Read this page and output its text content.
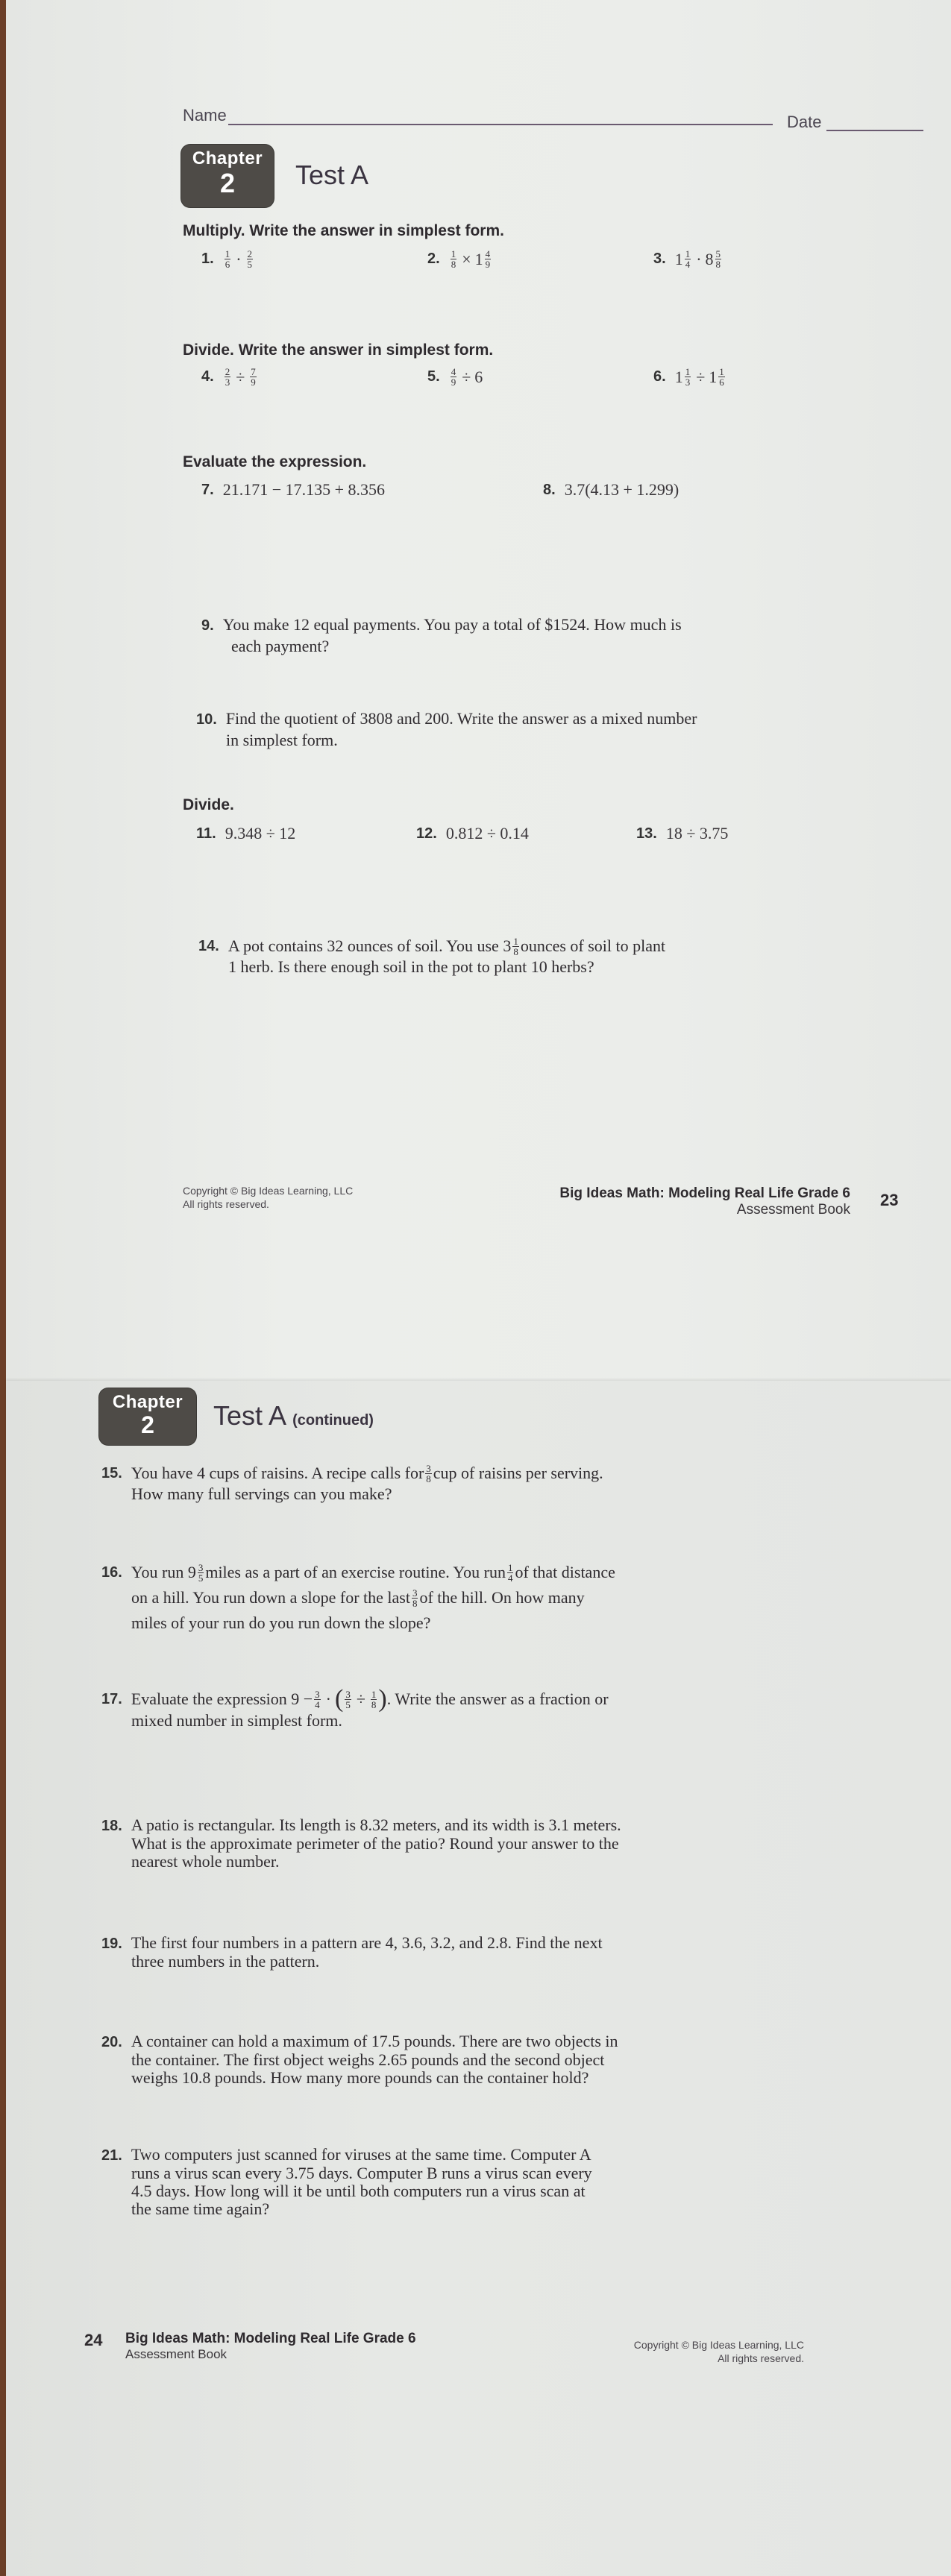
Name	Date
Chapter
2	Test A
Multiply. Write the answer in simplest form.
1. $\frac{1}{6} \cdot \frac{2}{5}$	2. $\frac{1}{8} \times 1 \frac{4}{9}$	3. $1 \frac{1}{4} \cdot 8 \frac{5}{8}$
Divide. Write the answer in simplest form.
4. $\frac{2}{3} \div \frac{7}{9}$	5. $\frac{4}{9} \div 6$	6. $1 \frac{1}{3} \div 1 \frac{1}{6}$
Evaluate the expression.
7. 21.171 − 17.135 + 8.356	8. 3.7(4.13 + 1.299)
9. You make 12 equal payments. You pay a total of $1524. How much is
each payment?
10. Find the quotient of 3808 and 200. Write the answer as a mixed number
in simplest form.
Divide.
11. 9.348 ÷ 12	12. 0.812 ÷ 0.14	13. 18 ÷ 3.75
14. A pot contains 32 ounces of soil. You use $3 \frac{1}{8}$ ounces of soil to plant
1 herb. Is there enough soil in the pot to plant 10 herbs?
Copyright © Big Ideas Learning, LLC
All rights reserved.
Big Ideas Math: Modeling Real Life Grade 6
Assessment Book
23
Chapter
2	Test A (continued)
15. You have 4 cups of raisins. A recipe calls for $\frac{3}{8}$ cup of raisins per serving.
How many full servings can you make?
16. You run $9 \frac{3}{5}$ miles as a part of an exercise routine. You run $\frac{1}{4}$ of that distance
on a hill. You run down a slope for the last $\frac{3}{8}$ of the hill. On how many
miles of your run do you run down the slope?
17. Evaluate the expression $9 - \frac{3}{4}$ · ( $\frac{3}{5} \div \frac{1}{8}$ ) . Write the answer as a fraction or
mixed number in simplest form.
18. A patio is rectangular. Its length is 8.32 meters, and its width is 3.1 meters.
What is the approximate perimeter of the patio? Round your answer to the
nearest whole number.
19. The first four numbers in a pattern are 4, 3.6, 3.2, and 2.8. Find the next
three numbers in the pattern.
20. A container can hold a maximum of 17.5 pounds. There are two objects in
the container. The first object weighs 2.65 pounds and the second object
weighs 10.8 pounds. How many more pounds can the container hold?
21. Two computers just scanned for viruses at the same time. Computer A
runs a virus scan every 3.75 days. Computer B runs a virus scan every
4.5 days. How long will it be until both computers run a virus scan at
the same time again?
24 Big Ideas Math: Modeling Real Life Grade 6
Assessment Book
Copyright © Big Ideas Learning, LLC
All rights reserved.
